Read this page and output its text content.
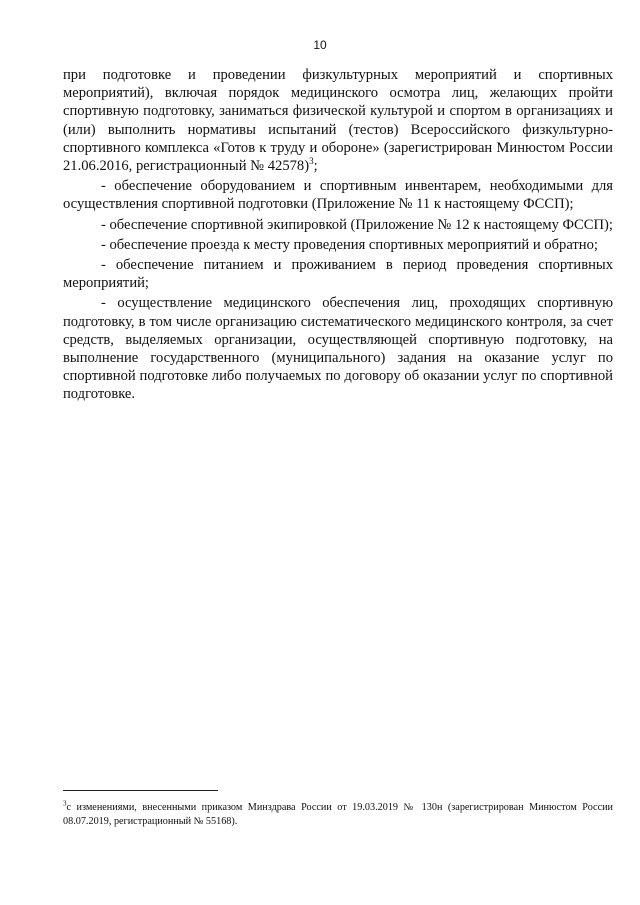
10

при подготовке и проведении физкультурных мероприятий и спортивных мероприятий), включая порядок медицинского осмотра лиц, желающих пройти спортивную подготовку, заниматься физической культурой и спортом в организациях и (или) выполнить нормативы испытаний (тестов) Всероссийского физкультурно-спортивного комплекса «Готов к труду и обороне» (зарегистрирован Минюстом России 21.06.2016, регистрационный № 42578)$^3$;

- обеспечение оборудованием и спортивным инвентарем, необходимыми для осуществления спортивной подготовки (Приложение № 11 к настоящему ФССП);

- обеспечение спортивной экипировкой (Приложение № 12 к настоящему ФССП);

- обеспечение проезда к месту проведения спортивных мероприятий и обратно;

- обеспечение питанием и проживанием в период проведения спортивных мероприятий;

- осуществление медицинского обеспечения лиц, проходящих спортивную подготовку, в том числе организацию систематического медицинского контроля, за счет средств, выделяемых организации, осуществляющей спортивную подготовку, на выполнение государственного (муниципального) задания на оказание услуг по спортивной подготовке либо получаемых по договору об оказании услуг по спортивной подготовке.

$^3$с изменениями, внесенными приказом Минздрава России от 19.03.2019 № 130н (зарегистрирован Минюстом России 08.07.2019, регистрационный № 55168).
